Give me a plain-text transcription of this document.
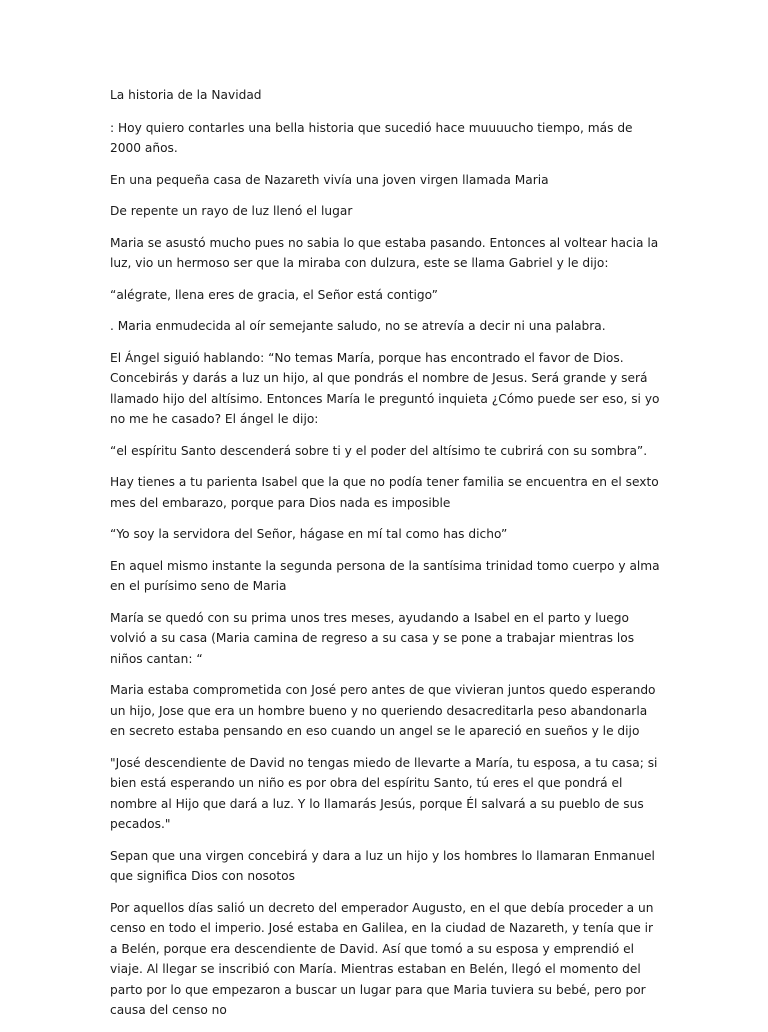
La historia de la Navidad

: Hoy quiero contarles una bella historia que sucedió hace muuuucho tiempo, más de 2000 años.

En una pequeña casa de Nazareth vivía una joven virgen llamada Maria

De repente un rayo de luz llenó el lugar

Maria se asustó mucho pues no sabia lo que estaba pasando. Entonces al voltear hacia la luz, vio un hermoso ser que la miraba con dulzura, este se llama Gabriel y le dijo:

“alégrate, llena eres de gracia, el Señor está contigo”

. Maria enmudecida al oír semejante saludo, no se atrevía a decir ni una palabra.

El Ángel siguió hablando: “No temas María, porque has encontrado el favor de Dios. Concebirás y darás a luz un hijo, al que pondrás el nombre de Jesus. Será grande y será llamado hijo del altísimo. Entonces María le preguntó inquieta ¿Cómo puede ser eso, si yo no me he casado? El ángel le dijo:

“el espíritu Santo descenderá sobre ti y el poder del altísimo te cubrirá con su sombra”.

Hay tienes a tu parienta Isabel que la que no podía tener familia se encuentra en el sexto mes del embarazo, porque para Dios nada es imposible

“Yo soy la servidora del Señor, hágase en mí tal como has dicho”

En aquel mismo instante la segunda persona de la santísima trinidad tomo cuerpo y alma en el purísimo seno de Maria

María se quedó con su prima unos tres meses, ayudando a Isabel en el parto y luego volvió a su casa (Maria camina de regreso a su casa y se pone a trabajar mientras los niños cantan: “

Maria estaba comprometida con José pero antes de que vivieran juntos quedo esperando un hijo, Jose que era un hombre bueno y no queriendo desacreditarla peso abandonarla en secreto estaba pensando en eso cuando un angel se le apareció en sueños y le dijo

"José descendiente de David no tengas miedo de llevarte a María, tu esposa, a tu casa; si bien está esperando un niño es por obra del espíritu Santo, tú eres el que pondrá el nombre al Hijo que dará a luz. Y lo llamarás Jesús, porque Él salvará a su pueblo de sus pecados."

Sepan que una virgen concebirá y dara a luz un hijo y los hombres lo llamaran Enmanuel que significa Dios con nosotos

Por aquellos días salió un decreto del emperador Augusto, en el que debía proceder a un censo en todo el imperio. José estaba en Galilea, en la ciudad de Nazareth, y tenía que ir a Belén, porque era descendiente de David. Así que tomó a su esposa y emprendió el viaje. Al llegar se inscribió con María. Mientras estaban en Belén, llegó el momento del parto por lo que empezaron a buscar un lugar para que Maria tuviera su bebé, pero por causa del censo no
